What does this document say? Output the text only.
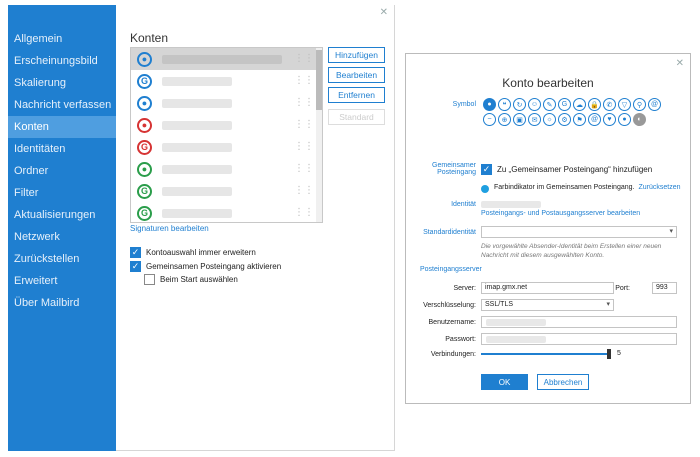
Allgemein
Erscheinungsbild
Skalierung
Nachricht verfassen
Konten
Identitäten
Ordner
Filter
Aktualisierungen
Netzwerk
Zurückstellen
Erweitert
Über Mailbird
✕
Konten
●	⋮⋮
G	⋮⋮
●	⋮⋮
●	⋮⋮
G	⋮⋮
●	⋮⋮
G	⋮⋮
G	⋮⋮
Hinzufügen
Bearbeiten
Entfernen
Standard
Signaturen bearbeiten
✓ Kontoauswahl immer erweitern
✓ Gemeinsamen Posteingang aktivieren
Beim Start auswählen
✕
Konto bearbeiten
Symbol	●	❝	↻	☺	✎	G	☁	🔒	✆	▽	⚲	@
~	⊕	▣	✉	☼	⚙	⚑	@	♥	●	◐
Gemeinsamer Posteingang ✓ Zu „Gemeinsamer Posteingang“ hinzufügen
Farbindikator im Gemeinsamen Posteingang. Zurücksetzen
Identität
Posteingangs- und Postausgangsserver bearbeiten
Standardidentität	▾
Die vorgewählte Absender-Identität beim Erstellen einer neuen Nachricht mit diesem ausgewählten Konto.
Posteingangsserver
Server:	imap.gmx.net	Port:	993
Verschlüsselung:	SSL/TLS	▾
Benutzername:
Passwort:
Verbindungen:	5
OK	Abbrechen
